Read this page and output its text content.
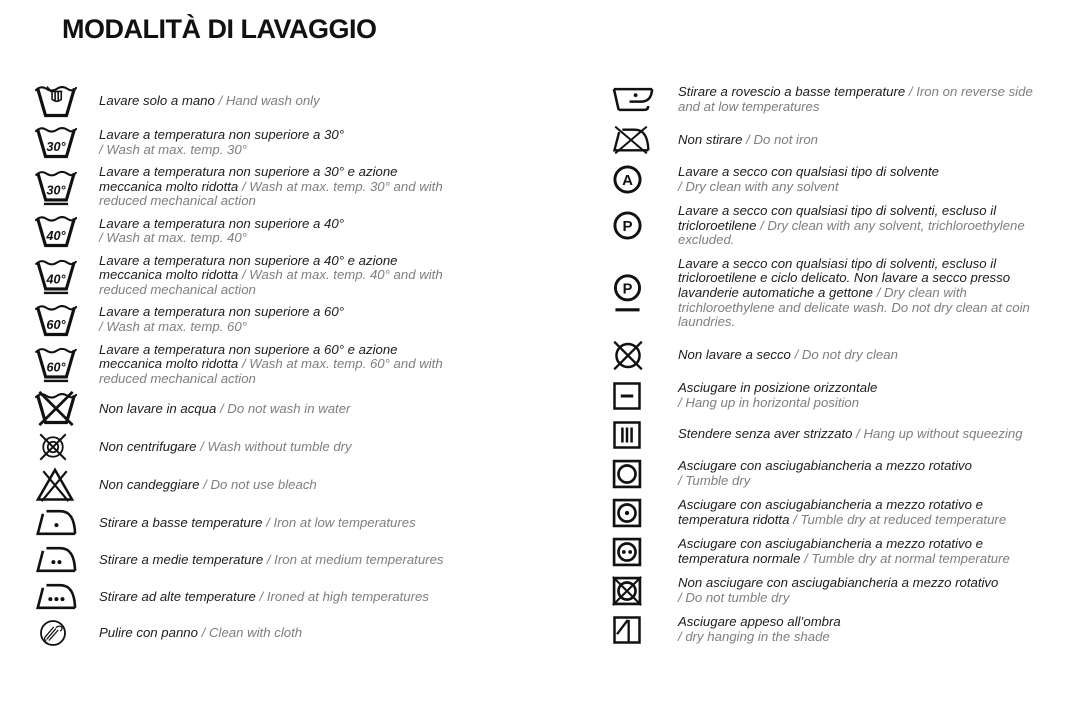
MODALITÀ DI LAVAGGIO

Lavare solo a mano / Hand wash only

30°

Lavare a temperatura non superiore a 30°
/ Wash at max. temp. 30°

30°

Lavare a temperatura non superiore a 30° e azione meccanica molto ridotta / Wash at max. temp. 30° and with reduced mechanical action

40°

Lavare a temperatura non superiore a 40°
/ Wash at max. temp. 40°

40°

Lavare a temperatura non superiore a 40° e azione meccanica molto ridotta / Wash at max. temp. 40° and with reduced mechanical action

60°

Lavare a temperatura non superiore a 60°
/ Wash at max. temp. 60°

60°

Lavare a temperatura non superiore a 60° e azione meccanica molto ridotta / Wash at max. temp. 60° and with reduced mechanical action

Non lavare in acqua / Do not wash in water

Non centrifugare / Wash without tumble dry

Non candeggiare / Do not use bleach

Stirare a basse temperature / Iron at low temperatures

Stirare a medie temperature / Iron at medium temperatures

Stirare ad alte temperature / Ironed at high temperatures

Pulire con panno / Clean with cloth

Stirare a rovescio a basse temperature / Iron on reverse side and at low temperatures

Non stirare / Do not iron

A

Lavare a secco con qualsiasi tipo di solvente
/ Dry clean with any solvent

P

Lavare a secco con qualsiasi tipo di solventi, escluso il tricloroetilene / Dry clean with any solvent, trichloroethylene excluded.

P

Lavare a secco con qualsiasi tipo di solventi, escluso il tricloroetilene e ciclo delicato. Non lavare a secco presso lavanderie automatiche a gettone / Dry clean with trichloroethylene and delicate wash. Do not dry clean at coin laundries.

Non lavare a secco / Do not dry clean

Asciugare in posizione orizzontale
/ Hang up in horizontal position

Stendere senza aver strizzato / Hang up without squeezing

Asciugare con asciugabiancheria a mezzo rotativo
/ Tumble dry

Asciugare con asciugabiancheria a mezzo rotativo e temperatura ridotta / Tumble dry at reduced temperature

Asciugare con asciugabiancheria a mezzo rotativo e temperatura normale / Tumble dry at normal temperature

Non asciugare con asciugabiancheria a mezzo rotativo
/ Do not tumble dry

Asciugare appeso all’ombra
/ dry hanging in the shade
